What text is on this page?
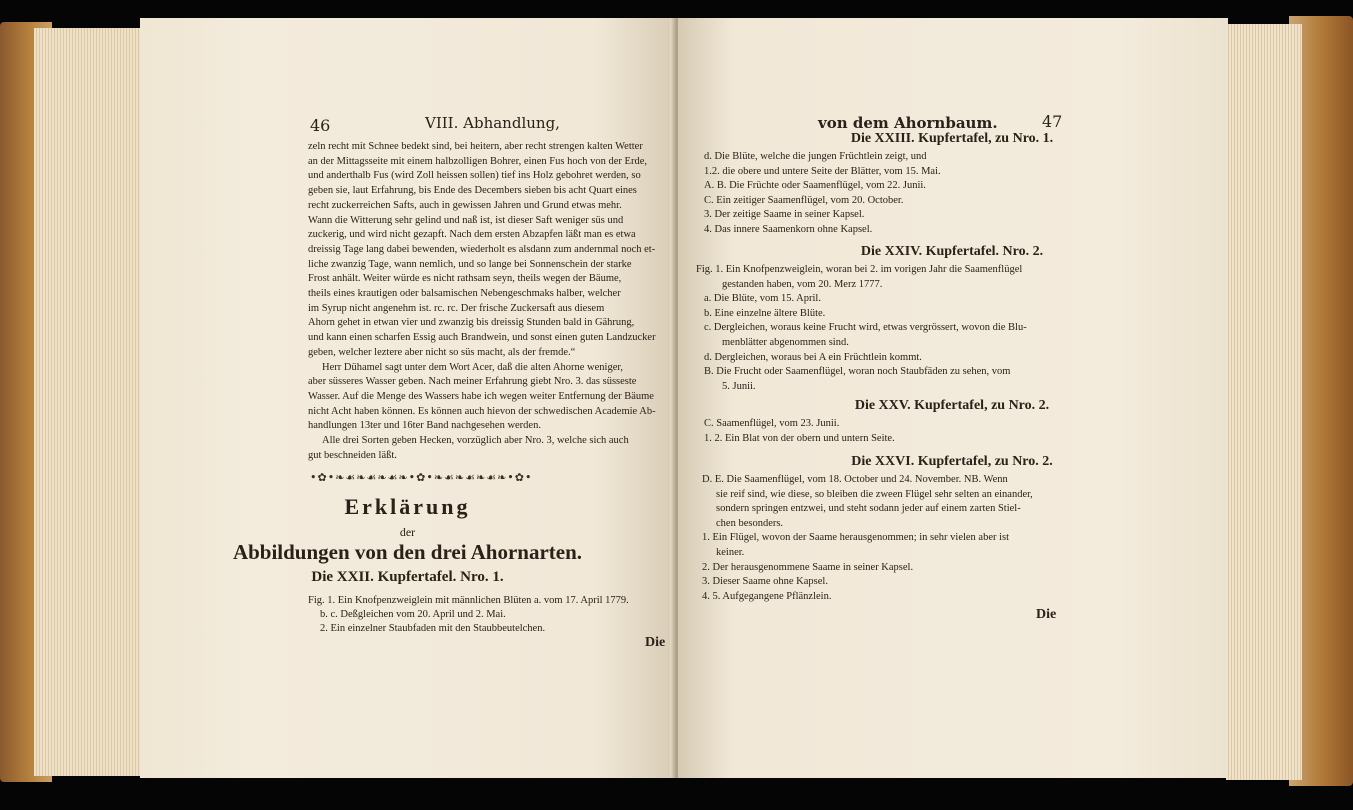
46	VIII. Abhandlung,
zeln recht mit Schnee bedekt sind, bei heitern, aber recht strengen kalten Wetter
an der Mittagsseite mit einem halbzolligen Bohrer, einen Fus hoch von der Erde,
und anderthalb Fus (wird Zoll heissen sollen) tief ins Holz gebohret werden, so
geben sie, laut Erfahrung, bis Ende des Decembers sieben bis acht Quart eines
recht zuckerreichen Safts, auch in gewissen Jahren und Grund etwas mehr.
Wann die Witterung sehr gelind und naß ist, ist dieser Saft weniger süs und
zuckerig, und wird nicht gezapft. Nach dem ersten Abzapfen läßt man es etwa
dreissig Tage lang dabei bewenden, wiederholt es alsdann zum andernmal noch et-
liche zwanzig Tage, wann nemlich, und so lange bei Sonnenschein der starke
Frost anhält. Weiter würde es nicht rathsam seyn, theils wegen der Bäume,
theils eines krautigen oder balsamischen Nebengeschmaks halber, welcher
im Syrup nicht angenehm ist. rc. rc. Der frische Zuckersaft aus diesem
Ahorn gehet in etwan vier und zwanzig bis dreissig Stunden bald in Gährung,
und kann einen scharfen Essig auch Brandwein, und sonst einen guten Landzucker
geben, welcher leztere aber nicht so süs macht, als der fremde.“
Herr Dühamel sagt unter dem Wort Acer, daß die alten Ahorne weniger,
aber süsseres Wasser geben. Nach meiner Erfahrung giebt Nro. 3. das süsseste
Wasser. Auf die Menge des Wassers habe ich wegen weiter Entfernung der Bäume
nicht Acht haben können. Es können auch hievon der schwedischen Academie Ab-
handlungen 13ter und 16ter Band nachgesehen werden.
Alle drei Sorten geben Hecken, vorzüglich aber Nro. 3, welche sich auch
gut beschneiden läßt.
•✿•❧☙❧☙❧☙❧•✿•❧☙❧☙❧☙❧•✿•
Erklärung
der
Abbildungen von den drei Ahornarten.
Die XXII. Kupfertafel. Nro. 1.
Fig. 1. Ein Knofpenzweiglein mit männlichen Blüten a. vom 17. April 1779.
b. c. Deßgleichen vom 20. April und 2. Mai.
2. Ein einzelner Staubfaden mit den Staubbeutelchen.
Die
von dem Ahornbaum.	47
Die XXIII. Kupfertafel, zu Nro. 1.
d. Die Blüte, welche die jungen Früchtlein zeigt, und
1.2. die obere und untere Seite der Blätter, vom 15. Mai.
A. B. Die Früchte oder Saamenflügel, vom 22. Junii.
C. Ein zeitiger Saamenflügel, vom 20. October.
3. Der zeitige Saame in seiner Kapsel.
4. Das innere Saamenkorn ohne Kapsel.
Die XXIV. Kupfertafel. Nro. 2.
Fig. 1. Ein Knofpenzweiglein, woran bei 2. im vorigen Jahr die Saamenflügel
gestanden haben, vom 20. Merz 1777.
a. Die Blüte, vom 15. April.
b. Eine einzelne ältere Blüte.
c. Dergleichen, woraus keine Frucht wird, etwas vergrössert, wovon die Blu-
menblätter abgenommen sind.
d. Dergleichen, woraus bei A ein Früchtlein kommt.
B. Die Frucht oder Saamenflügel, woran noch Staubfäden zu sehen, vom
5. Junii.
Die XXV. Kupfertafel, zu Nro. 2.
C. Saamenflügel, vom 23. Junii.
1. 2. Ein Blat von der obern und untern Seite.
Die XXVI. Kupfertafel, zu Nro. 2.
D. E. Die Saamenflügel, vom 18. October und 24. November. NB. Wenn
sie reif sind, wie diese, so bleiben die zween Flügel sehr selten an einander,
sondern springen entzwei, und steht sodann jeder auf einem zarten Stiel-
chen besonders.
1. Ein Flügel, wovon der Saame herausgenommen; in sehr vielen aber ist
keiner.
2. Der herausgenommene Saame in seiner Kapsel.
3. Dieser Saame ohne Kapsel.
4. 5. Aufgegangene Pflänzlein.
Die
